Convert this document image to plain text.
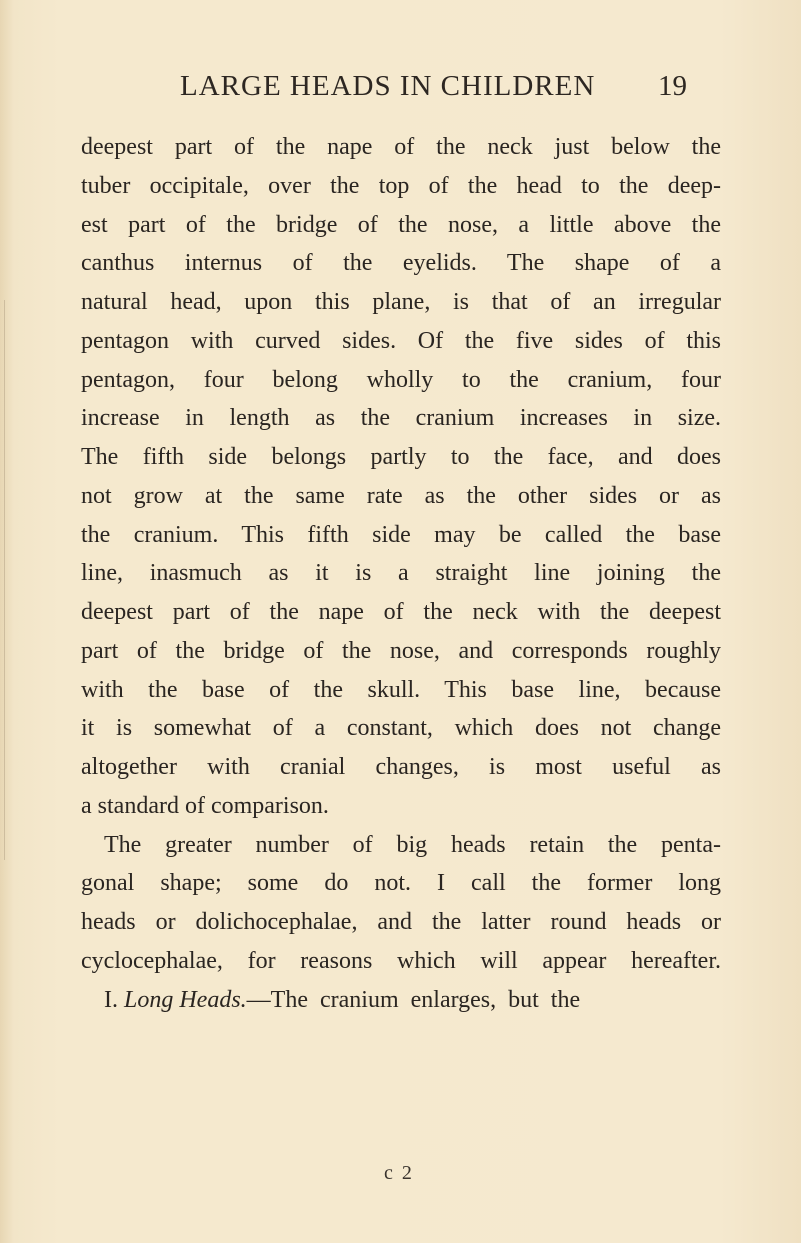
LARGE HEADS IN CHILDREN 19
deepest part of the nape of the neck just below the
tuber occipitale, over the top of the head to the deep-
est part of the bridge of the nose, a little above the
canthus internus of the eyelids. The shape of a
natural head, upon this plane, is that of an irregular
pentagon with curved sides. Of the five sides of this
pentagon, four belong wholly to the cranium, four
increase in length as the cranium increases in size.
The fifth side belongs partly to the face, and does
not grow at the same rate as the other sides or as
the cranium. This fifth side may be called the base
line, inasmuch as it is a straight line joining the
deepest part of the nape of the neck with the deepest
part of the bridge of the nose, and corresponds roughly
with the base of the skull. This base line, because
it is somewhat of a constant, which does not change
altogether with cranial changes, is most useful as
a standard of comparison.
The greater number of big heads retain the penta-
gonal shape; some do not. I call the former long
heads or dolichocephalae, and the latter round heads or
cyclocephalae, for reasons which will appear hereafter.
I. Long Heads.—The cranium enlarges, but the
c 2
